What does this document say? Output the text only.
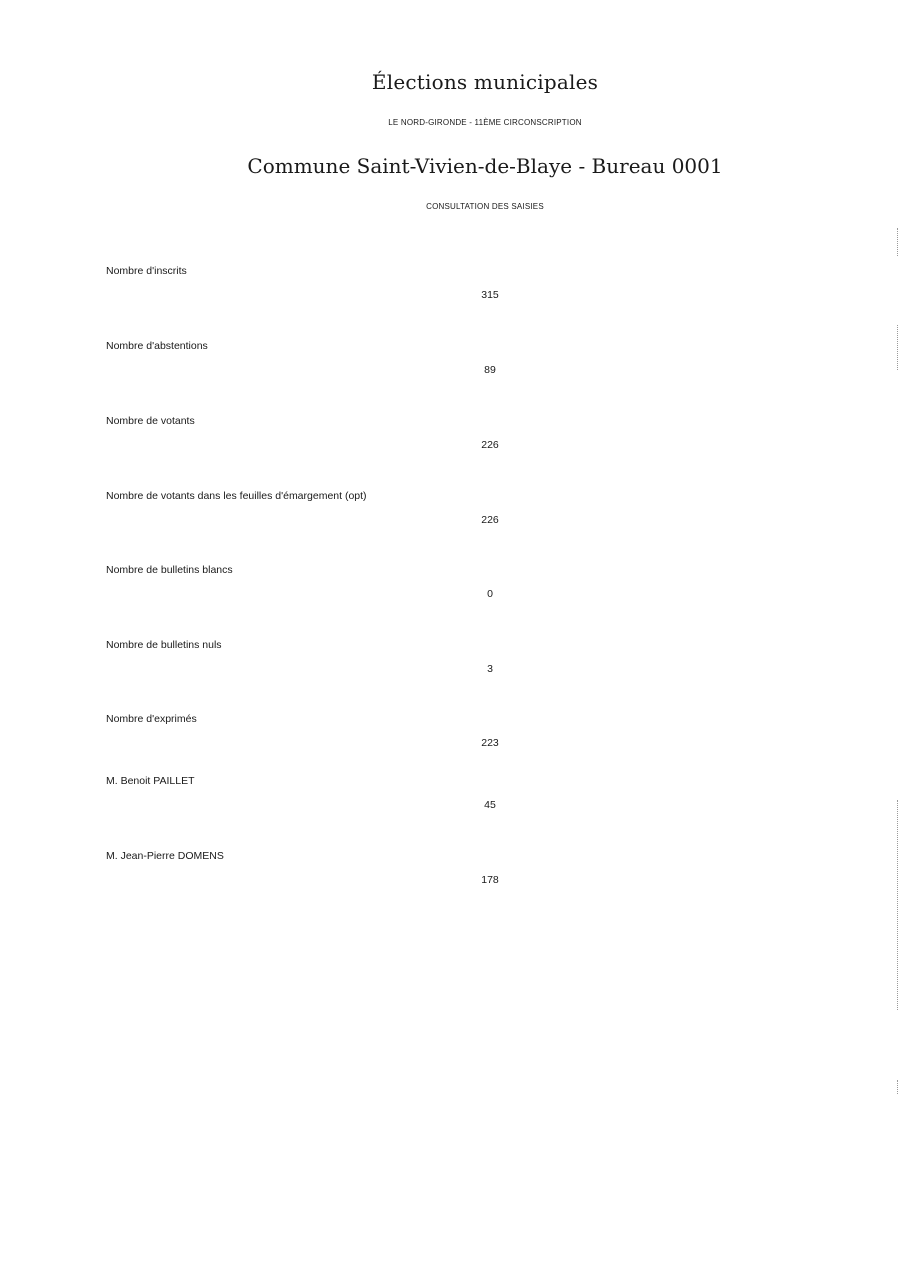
Élections municipales
LE NORD-GIRONDE - 11ÈME CIRCONSCRIPTION
Commune Saint-Vivien-de-Blaye - Bureau 0001
CONSULTATION DES SAISIES
Nombre d'inscrits
315
Nombre d'abstentions
89
Nombre de votants
226
Nombre de votants dans les feuilles d'émargement (opt)
226
Nombre de bulletins blancs
0
Nombre de bulletins nuls
3
Nombre d'exprimés
223
M. Benoit PAILLET
45
M. Jean-Pierre DOMENS
178
